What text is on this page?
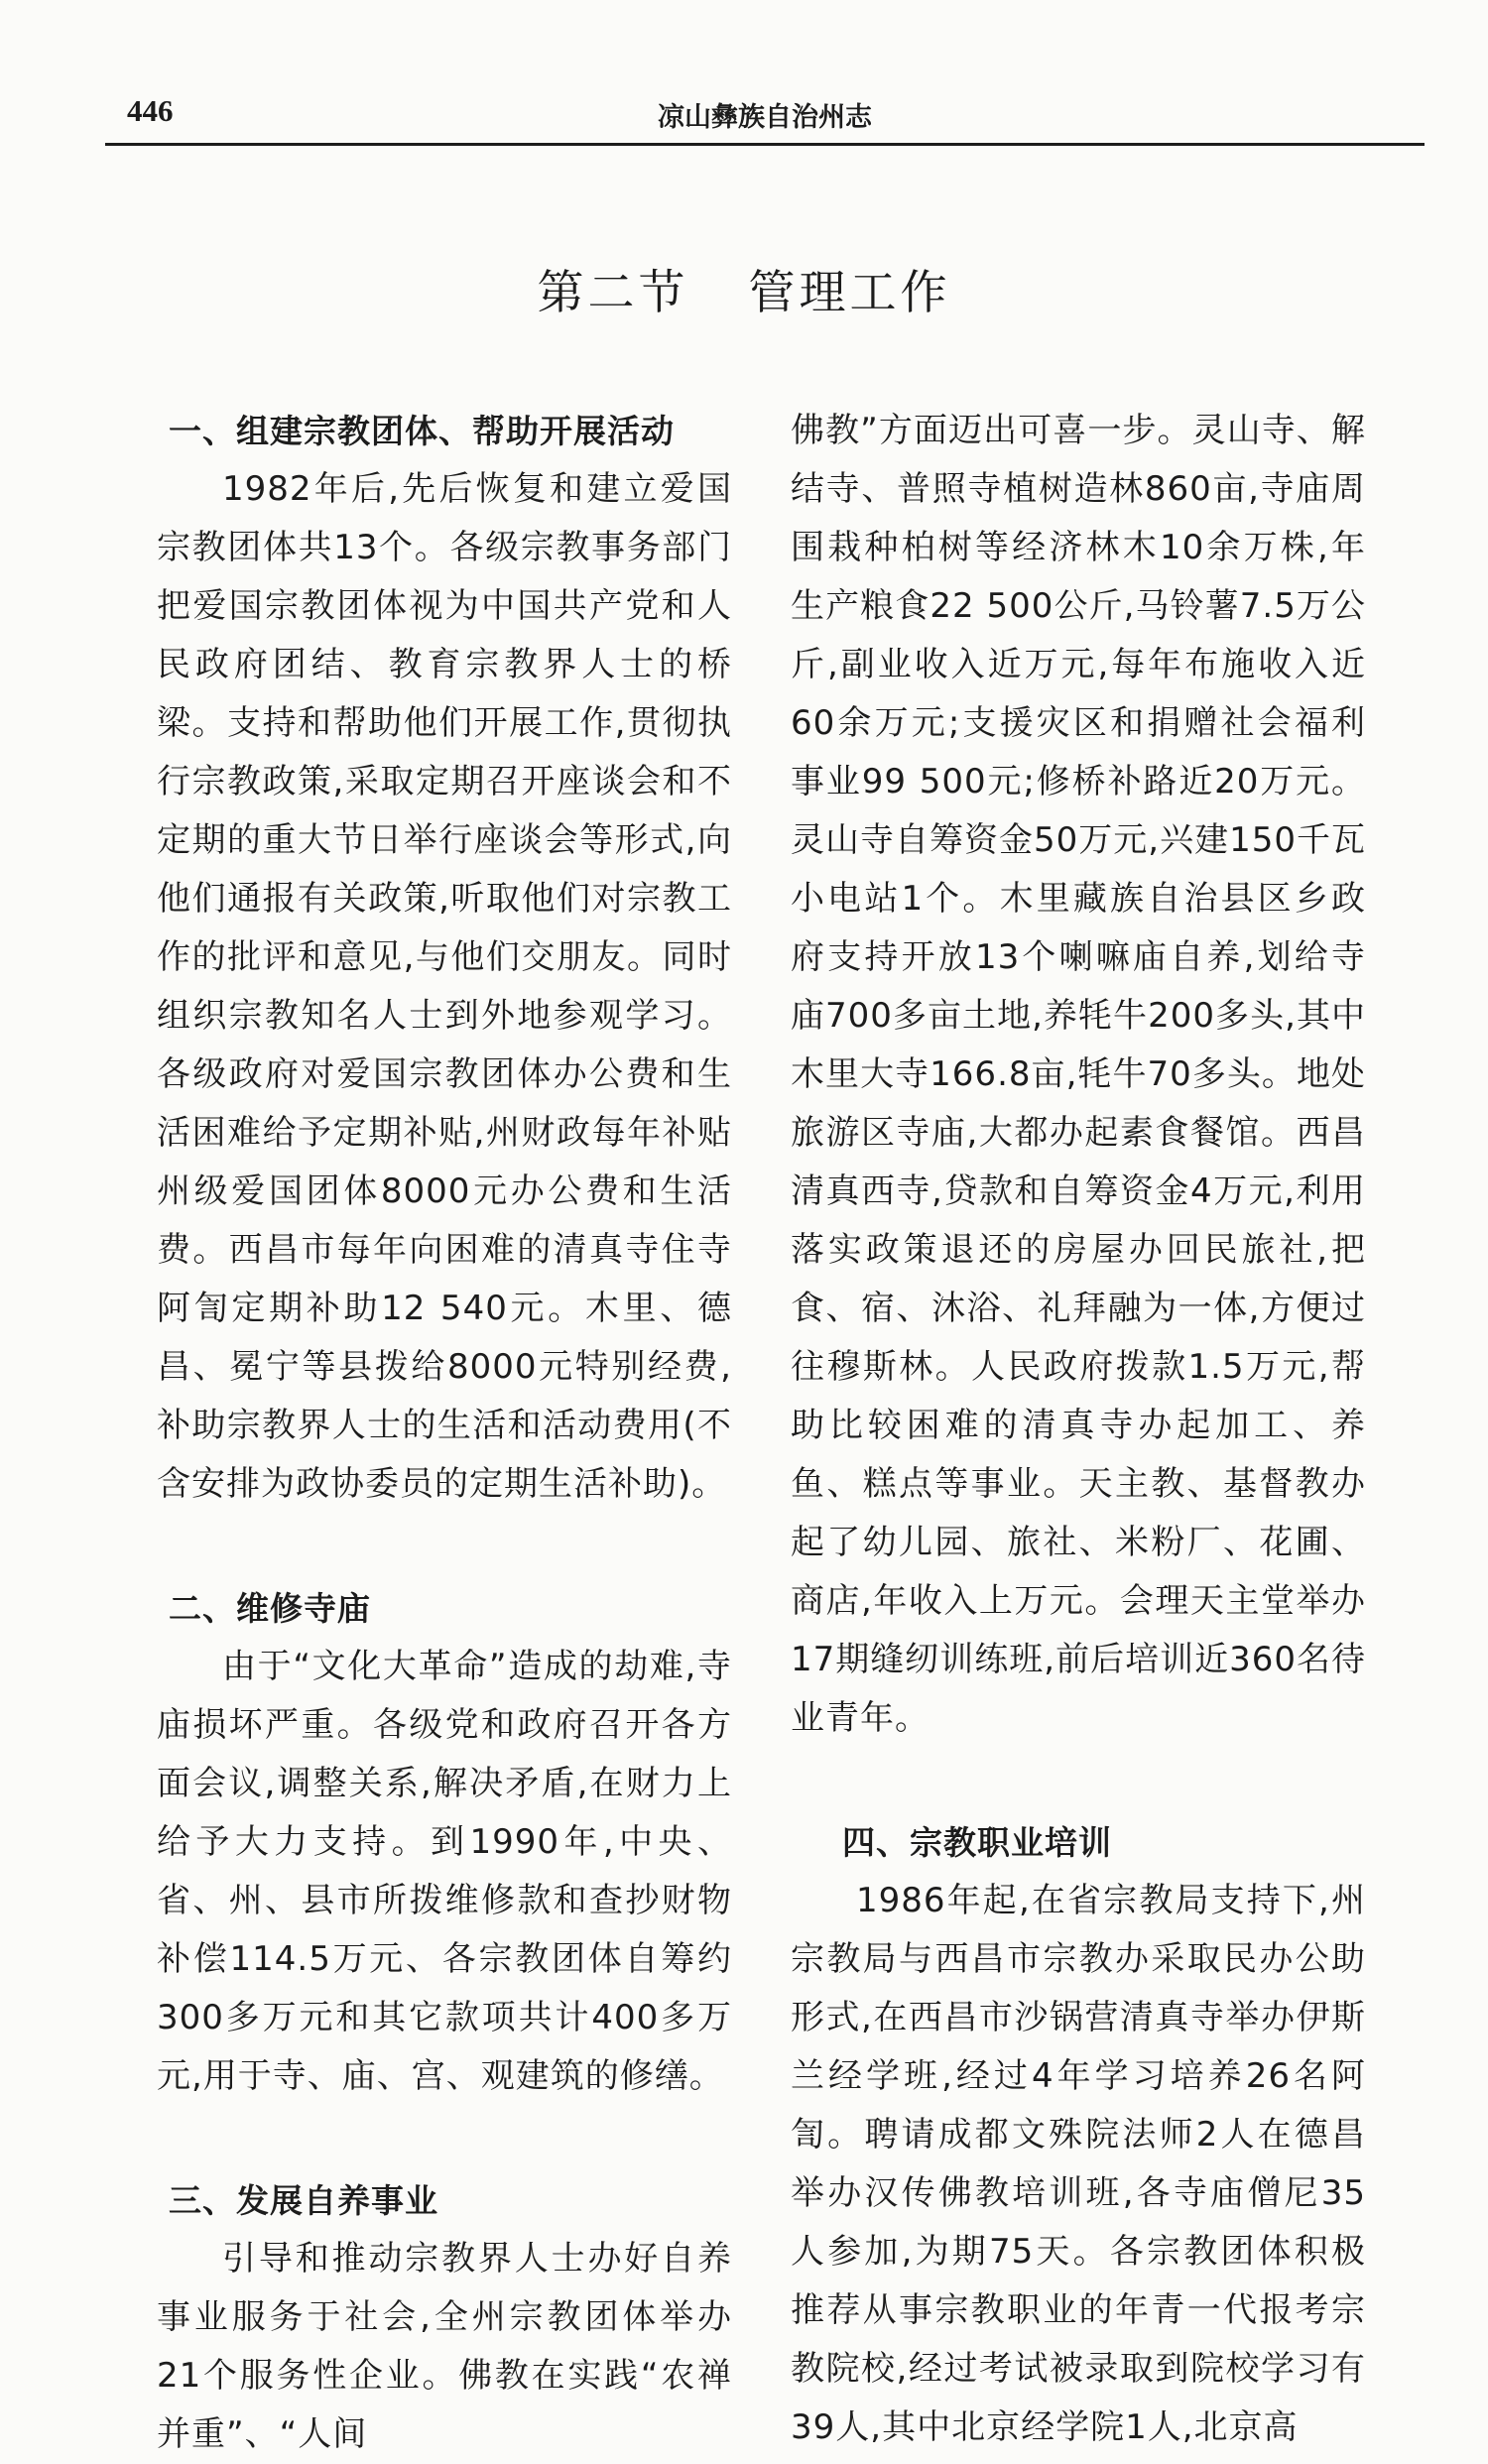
446	凉山彝族自治州志
第二节 管理工作
一、组建宗教团体、帮助开展活动

1982年后,先后恢复和建立爱国宗教团体共13个。各级宗教事务部门把爱国宗教团体视为中国共产党和人民政府团结、教育宗教界人士的桥梁。支持和帮助他们开展工作,贯彻执行宗教政策,采取定期召开座谈会和不定期的重大节日举行座谈会等形式,向他们通报有关政策,听取他们对宗教工作的批评和意见,与他们交朋友。同时组织宗教知名人士到外地参观学习。各级政府对爱国宗教团体办公费和生活困难给予定期补贴,州财政每年补贴州级爱国团体8000元办公费和生活费。西昌市每年向困难的清真寺住寺阿訇定期补助12 540元。木里、德昌、冕宁等县拨给8000元特别经费,补助宗教界人士的生活和活动费用(不含安排为政协委员的定期生活补助)。

二、维修寺庙

由于“文化大革命”造成的劫难,寺庙损坏严重。各级党和政府召开各方面会议,调整关系,解决矛盾,在财力上给予大力支持。到1990年,中央、省、州、县市所拨维修款和查抄财物补偿114.5万元、各宗教团体自筹约300多万元和其它款项共计400多万元,用于寺、庙、宫、观建筑的修缮。

三、发展自养事业

引导和推动宗教界人士办好自养事业服务于社会,全州宗教团体举办21个服务性企业。佛教在实践“农禅并重”、“人间

佛教”方面迈出可喜一步。灵山寺、解结寺、普照寺植树造林860亩,寺庙周围栽种柏树等经济林木10余万株,年生产粮食22 500公斤,马铃薯7.5万公斤,副业收入近万元,每年布施收入近60余万元;支援灾区和捐赠社会福利事业99 500元;修桥补路近20万元。灵山寺自筹资金50万元,兴建150千瓦小电站1个。木里藏族自治县区乡政府支持开放13个喇嘛庙自养,划给寺庙700多亩土地,养牦牛200多头,其中木里大寺166.8亩,牦牛70多头。地处旅游区寺庙,大都办起素食餐馆。西昌清真西寺,贷款和自筹资金4万元,利用落实政策退还的房屋办回民旅社,把食、宿、沐浴、礼拜融为一体,方便过往穆斯林。人民政府拨款1.5万元,帮助比较困难的清真寺办起加工、养鱼、糕点等事业。天主教、基督教办起了幼儿园、旅社、米粉厂、花圃、商店,年收入上万元。会理天主堂举办17期缝纫训练班,前后培训近360名待业青年。

四、宗教职业培训

1986年起,在省宗教局支持下,州宗教局与西昌市宗教办采取民办公助形式,在西昌市沙锅营清真寺举办伊斯兰经学班,经过4年学习培养26名阿訇。聘请成都文殊院法师2人在德昌举办汉传佛教培训班,各寺庙僧尼35人参加,为期75天。各宗教团体积极推荐从事宗教职业的年青一代报考宗教院校,经过考试被录取到院校学习有39人,其中北京经学院1人,北京高
